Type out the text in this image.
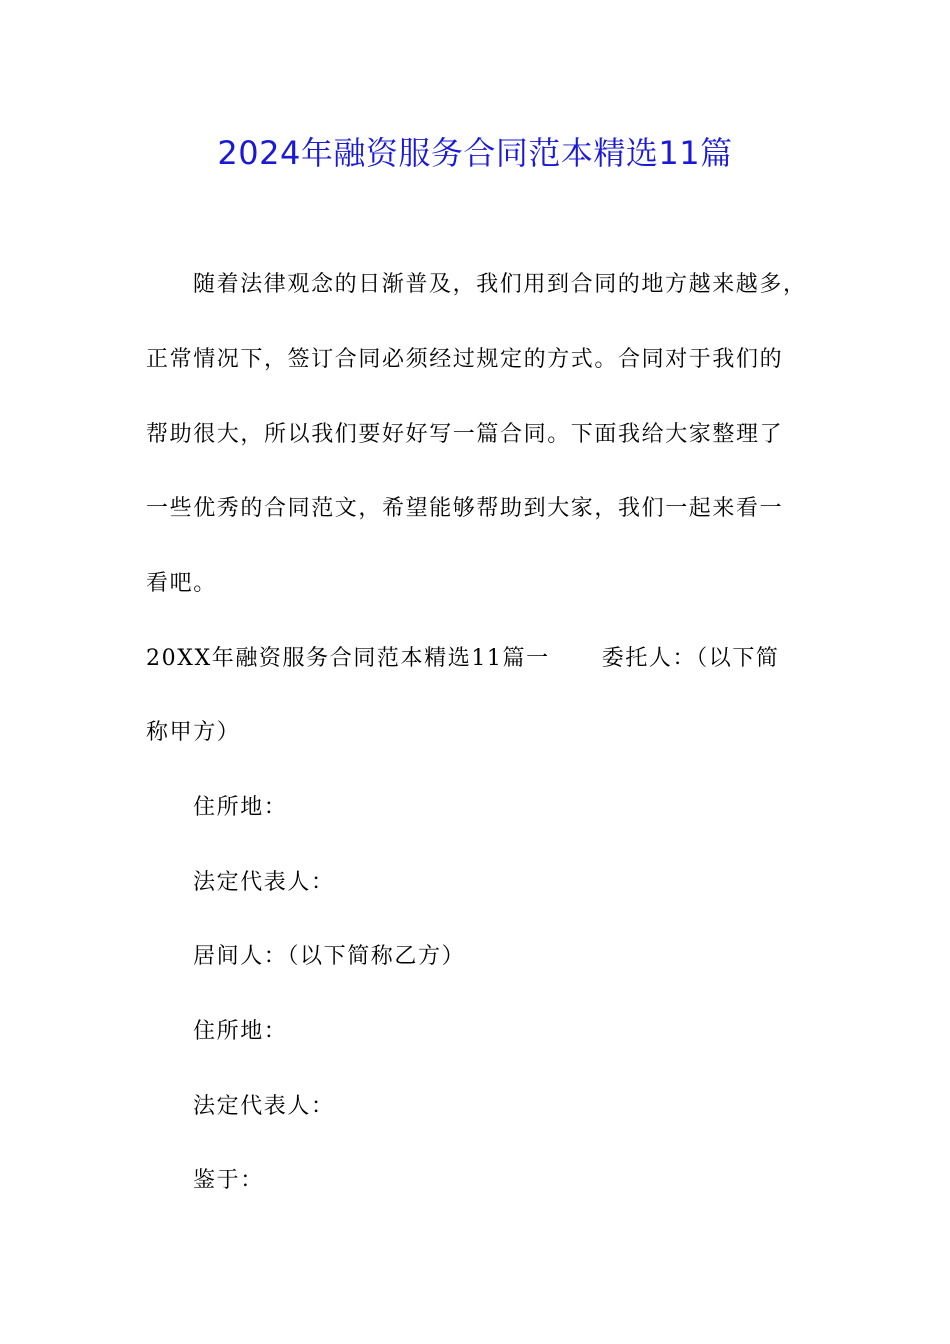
2024年融资服务合同范本精选11篇
随着法律观念的日渐普及，我们用到合同的地方越来越多，
正常情况下，签订合同必须经过规定的方式。合同对于我们的
帮助很大，所以我们要好好写一篇合同。下面我给大家整理了
一些优秀的合同范文，希望能够帮助到大家，我们一起来看一
看吧。
20XX年融资服务合同范本精选11篇一 委托人：（以下简
称甲方）
住所地：
法定代表人：
居间人：（以下简称乙方）
住所地：
法定代表人：
鉴于：
